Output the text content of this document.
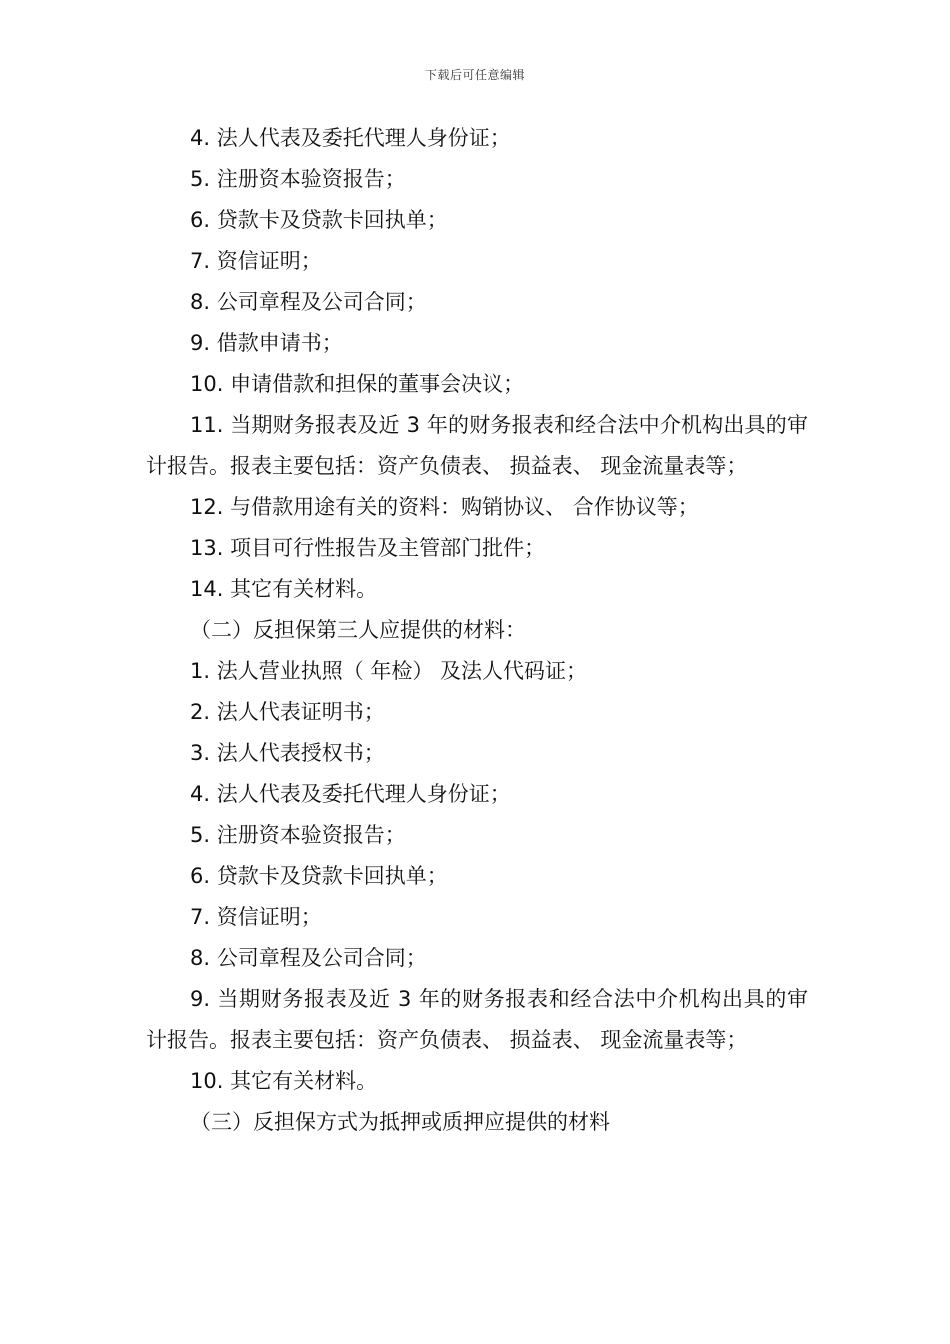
下载后可任意编辑

4. 法人代表及委托代理人身份证；

5. 注册资本验资报告；

6. 贷款卡及贷款卡回执单；

7. 资信证明；

8. 公司章程及公司合同；

9. 借款申请书；

10. 申请借款和担保的董事会决议；

11. 当期财务报表及近 3 年的财务报表和经合法中介机构出具的审计报告。报表主要包括：资产负债表、 损益表、 现金流量表等；

12. 与借款用途有关的资料：购销协议、 合作协议等；

13. 项目可行性报告及主管部门批件；

14. 其它有关材料。

（二）反担保第三人应提供的材料：

1. 法人营业执照（ 年检） 及法人代码证；

2. 法人代表证明书；

3. 法人代表授权书；

4. 法人代表及委托代理人身份证；

5. 注册资本验资报告；

6. 贷款卡及贷款卡回执单；

7. 资信证明；

8. 公司章程及公司合同；

9. 当期财务报表及近 3 年的财务报表和经合法中介机构出具的审计报告。报表主要包括：资产负债表、 损益表、 现金流量表等；

10. 其它有关材料。

（三）反担保方式为抵押或质押应提供的材料
